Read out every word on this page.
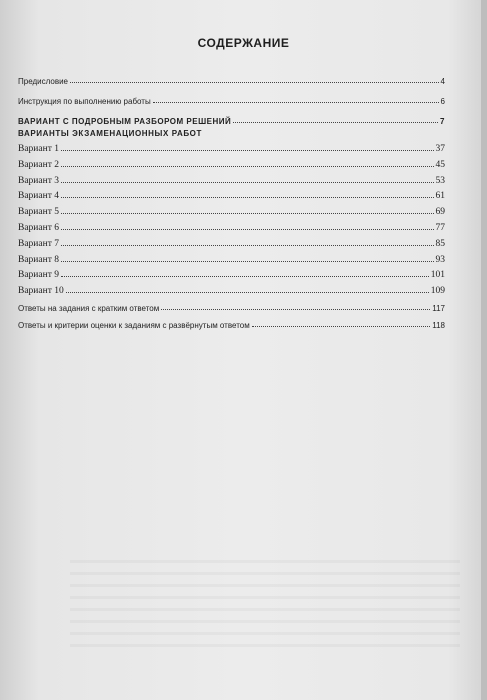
СОДЕРЖАНИЕ
Предисловие	4
Инструкция по выполнению работы	6
ВАРИАНТ С ПОДРОБНЫМ РАЗБОРОМ РЕШЕНИЙ	7
ВАРИАНТЫ ЭКЗАМЕНАЦИОННЫХ РАБОТ
Вариант 1	37
Вариант 2	45
Вариант 3	53
Вариант 4	61
Вариант 5	69
Вариант 6	77
Вариант 7	85
Вариант 8	93
Вариант 9	101
Вариант 10	109
Ответы на задания с кратким ответом	117
Ответы и критерии оценки к заданиям с развёрнутым ответом	118
